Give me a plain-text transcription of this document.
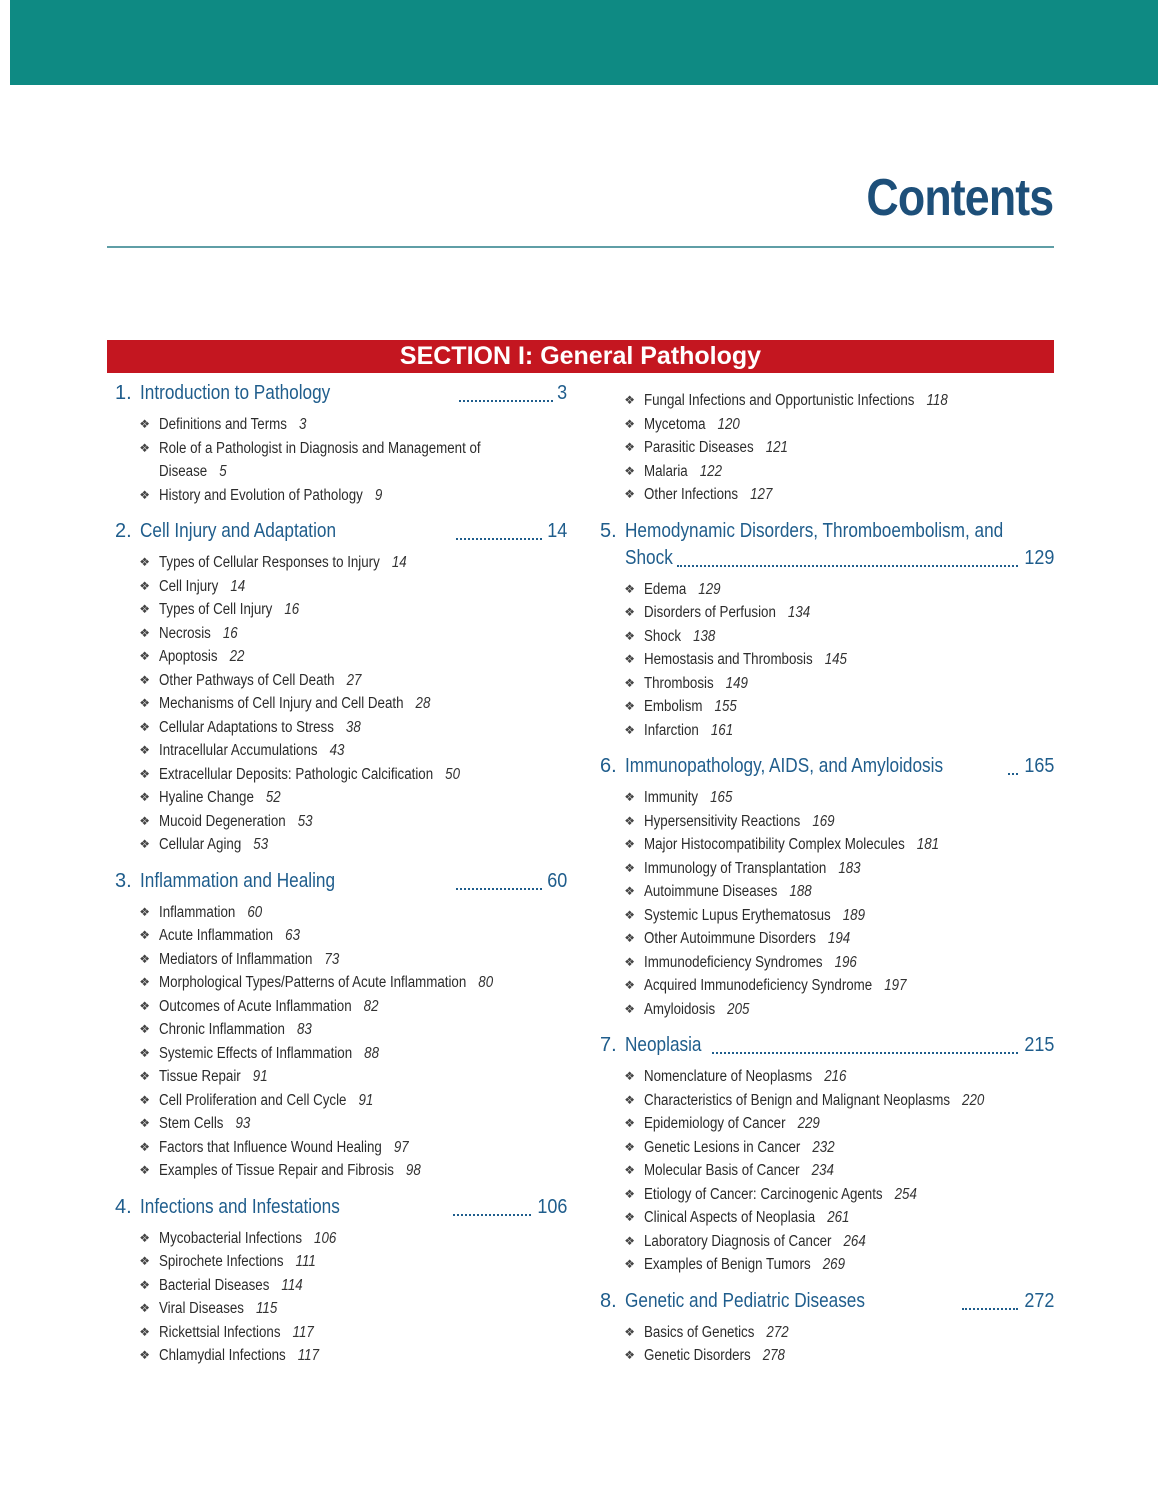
Contents
SECTION I: General Pathology
1. Introduction to Pathology	3
❖ Definitions and Terms 3
❖ Role of a Pathologist in Diagnosis and Management of
Disease 5
❖ History and Evolution of Pathology 9
2. Cell Injury and Adaptation	14
❖ Types of Cellular Responses to Injury 14
❖ Cell Injury 14
❖ Types of Cell Injury 16
❖ Necrosis 16
❖ Apoptosis 22
❖ Other Pathways of Cell Death 27
❖ Mechanisms of Cell Injury and Cell Death 28
❖ Cellular Adaptations to Stress 38
❖ Intracellular Accumulations 43
❖ Extracellular Deposits: Pathologic Calcification 50
❖ Hyaline Change 52
❖ Mucoid Degeneration 53
❖ Cellular Aging 53
3. Inflammation and Healing	60
❖ Inflammation 60
❖ Acute Inflammation 63
❖ Mediators of Inflammation 73
❖ Morphological Types/Patterns of Acute Inflammation 80
❖ Outcomes of Acute Inflammation 82
❖ Chronic Inflammation 83
❖ Systemic Effects of Inflammation 88
❖ Tissue Repair 91
❖ Cell Proliferation and Cell Cycle 91
❖ Stem Cells 93
❖ Factors that Influence Wound Healing 97
❖ Examples of Tissue Repair and Fibrosis 98
4. Infections and Infestations	106
❖ Mycobacterial Infections 106
❖ Spirochete Infections 111
❖ Bacterial Diseases 114
❖ Viral Diseases 115
❖ Rickettsial Infections 117
❖ Chlamydial Infections 117
❖ Fungal Infections and Opportunistic Infections 118
❖ Mycetoma 120
❖ Parasitic Diseases 121
❖ Malaria 122
❖ Other Infections 127
5. Hemodynamic Disorders, Thromboembolism, and
Shock	129
❖ Edema 129
❖ Disorders of Perfusion 134
❖ Shock 138
❖ Hemostasis and Thrombosis 145
❖ Thrombosis 149
❖ Embolism 155
❖ Infarction 161
6. Immunopathology, AIDS, and Amyloidosis	165
❖ Immunity 165
❖ Hypersensitivity Reactions 169
❖ Major Histocompatibility Complex Molecules 181
❖ Immunology of Transplantation 183
❖ Autoimmune Diseases 188
❖ Systemic Lupus Erythematosus 189
❖ Other Autoimmune Disorders 194
❖ Immunodeficiency Syndromes 196
❖ Acquired Immunodeficiency Syndrome 197
❖ Amyloidosis 205
7. Neoplasia	215
❖ Nomenclature of Neoplasms 216
❖ Characteristics of Benign and Malignant Neoplasms 220
❖ Epidemiology of Cancer 229
❖ Genetic Lesions in Cancer 232
❖ Molecular Basis of Cancer 234
❖ Etiology of Cancer: Carcinogenic Agents 254
❖ Clinical Aspects of Neoplasia 261
❖ Laboratory Diagnosis of Cancer 264
❖ Examples of Benign Tumors 269
8. Genetic and Pediatric Diseases	272
❖ Basics of Genetics 272
❖ Genetic Disorders 278
